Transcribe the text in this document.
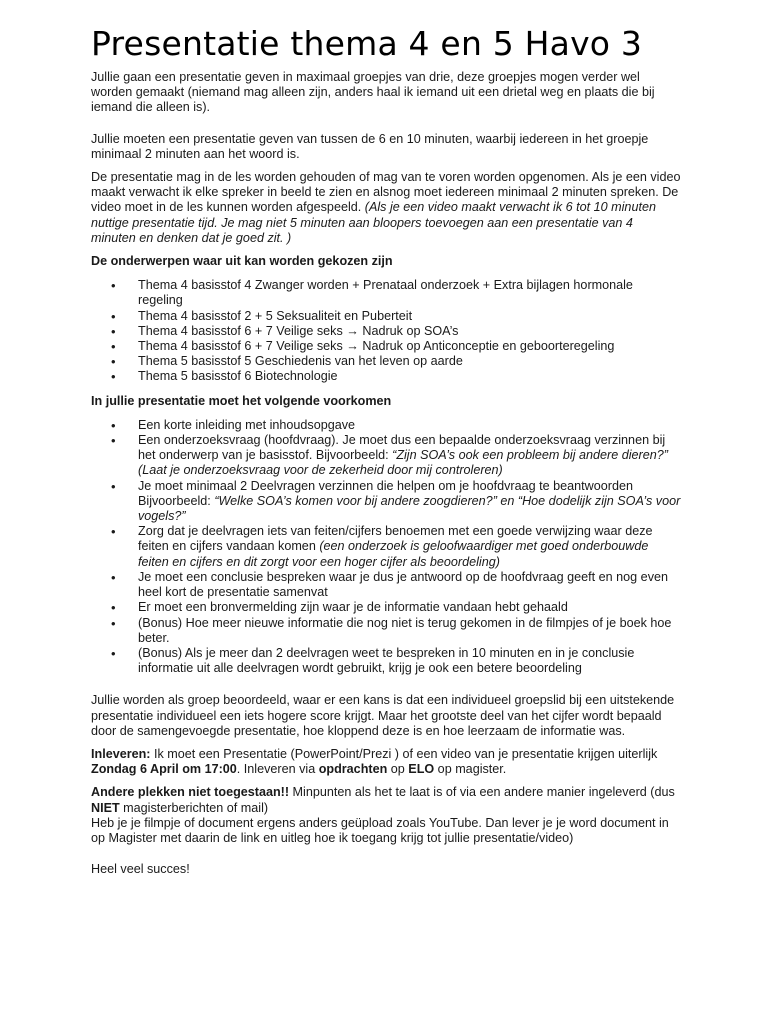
Presentatie thema 4 en 5 Havo 3

Jullie gaan een presentatie geven in maximaal groepjes van drie, deze groepjes mogen verder wel worden gemaakt (niemand mag alleen zijn, anders haal ik iemand uit een drietal weg en plaats die bij iemand die alleen is).

Jullie moeten een presentatie geven van tussen de 6 en 10 minuten, waarbij iedereen in het groepje minimaal 2 minuten aan het woord is.

De presentatie mag in de les worden gehouden of mag van te voren worden opgenomen. Als je een video maakt verwacht ik elke spreker in beeld te zien en alsnog moet iedereen minimaal 2 minuten spreken. De video moet in de les kunnen worden afgespeeld. (Als je een video maakt verwacht ik 6 tot 10 minuten nuttige presentatie tijd. Je mag niet 5 minuten aan bloopers toevoegen aan een presentatie van 4 minuten en denken dat je goed zit. )

De onderwerpen waar uit kan worden gekozen zijn

• Thema 4 basisstof 4 Zwanger worden + Prenataal onderzoek + Extra bijlagen hormonale regeling
• Thema 4 basisstof 2 + 5 Seksualiteit en Puberteit
• Thema 4 basisstof 6 + 7 Veilige seks → Nadruk op SOA’s
• Thema 4 basisstof 6 + 7 Veilige seks → Nadruk op Anticonceptie en geboorteregeling
• Thema 5 basisstof 5 Geschiedenis van het leven op aarde
• Thema 5 basisstof 6 Biotechnologie

In jullie presentatie moet het volgende voorkomen

• Een korte inleiding met inhoudsopgave
• Een onderzoeksvraag (hoofdvraag). Je moet dus een bepaalde onderzoeksvraag verzinnen bij het onderwerp van je basisstof. Bijvoorbeeld: “Zijn SOA’s ook een probleem bij andere dieren?” (Laat je onderzoeksvraag voor de zekerheid door mij controleren)
• Je moet minimaal 2 Deelvragen verzinnen die helpen om je hoofdvraag te beantwoorden Bijvoorbeeld: “Welke SOA’s komen voor bij andere zoogdieren?” en “Hoe dodelijk zijn SOA’s voor vogels?”
• Zorg dat je deelvragen iets van feiten/cijfers benoemen met een goede verwijzing waar deze feiten en cijfers vandaan komen (een onderzoek is geloofwaardiger met goed onderbouwde feiten en cijfers en dit zorgt voor een hoger cijfer als beoordeling)
• Je moet een conclusie bespreken waar je dus je antwoord op de hoofdvraag geeft en nog even heel kort de presentatie samenvat
• Er moet een bronvermelding zijn waar je de informatie vandaan hebt gehaald
• (Bonus) Hoe meer nieuwe informatie die nog niet is terug gekomen in de filmpjes of je boek hoe beter.
• (Bonus) Als je meer dan 2 deelvragen weet te bespreken in 10 minuten en in je conclusie informatie uit alle deelvragen wordt gebruikt, krijg je ook een betere beoordeling

Jullie worden als groep beoordeeld, waar er een kans is dat een individueel groepslid bij een uitstekende presentatie individueel een iets hogere score krijgt. Maar het grootste deel van het cijfer wordt bepaald door de samengevoegde presentatie, hoe kloppend deze is en hoe leerzaam de informatie was.

Inleveren: Ik moet een Presentatie (PowerPoint/Prezi ) of een video van je presentatie krijgen uiterlijk Zondag 6 April om 17:00. Inleveren via opdrachten op ELO op magister.

Andere plekken niet toegestaan!! Minpunten als het te laat is of via een andere manier ingeleverd (dus NIET magisterberichten of mail)

Heb je je filmpje of document ergens anders geüpload zoals YouTube. Dan lever je je word document in op Magister met daarin de link en uitleg hoe ik toegang krijg tot jullie presentatie/video)

Heel veel succes!
